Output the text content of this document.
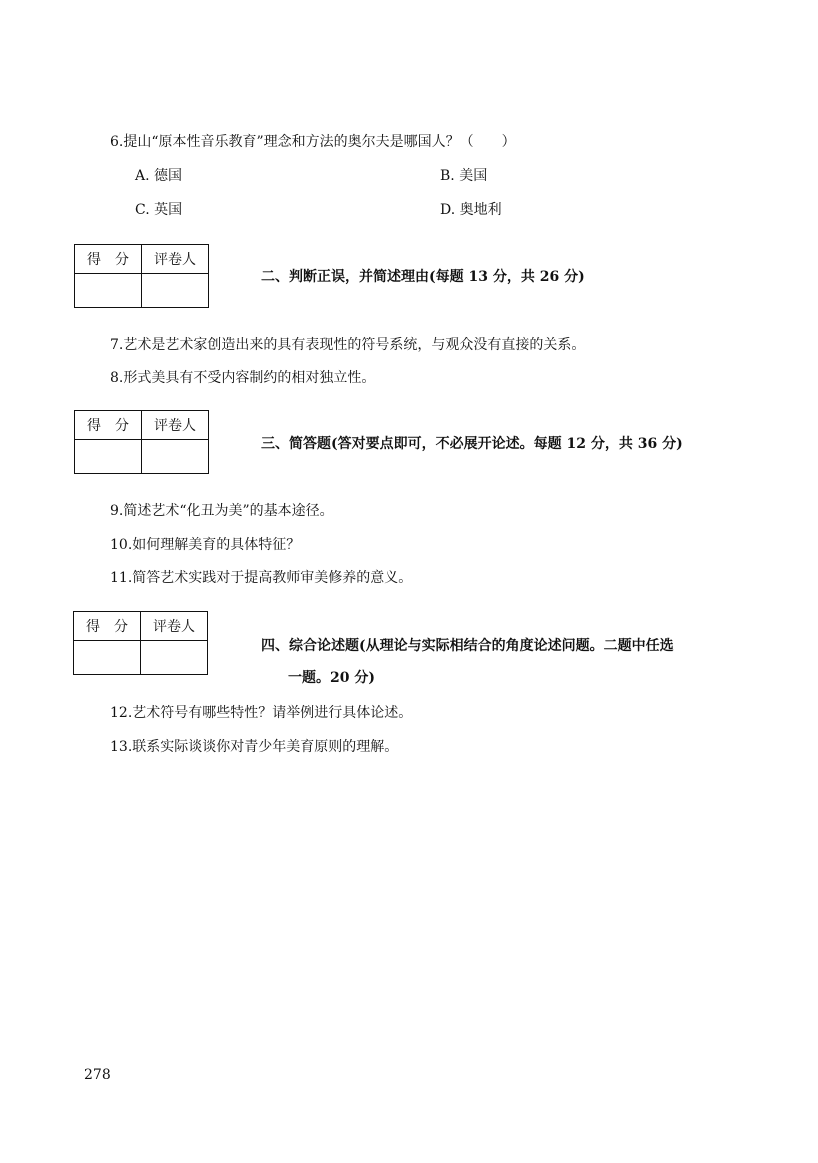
6.提山“原本性音乐教育”理念和方法的奥尔夫是哪国人？（　　）
A. 德国	B. 美国
C. 英国	D. 奥地利
得　分	评卷人

二、判断正误，并简述理由(每题 13 分，共 26 分)
7.艺术是艺术家创造出来的具有表现性的符号系统，与观众没有直接的关系。
8.形式美具有不受内容制约的相对独立性。
得　分	评卷人

三、简答题(答对要点即可，不必展开论述。每题 12 分，共 36 分)
9.简述艺术“化丑为美”的基本途径。
10.如何理解美育的具体特征？
11.简答艺术实践对于提高教师审美修养的意义。
得　分	评卷人

四、综合论述题(从理论与实际相结合的角度论述问题。二题中任选
一题。20 分)
12.艺术符号有哪些特性？请举例进行具体论述。
13.联系实际谈谈你对青少年美育原则的理解。
278
